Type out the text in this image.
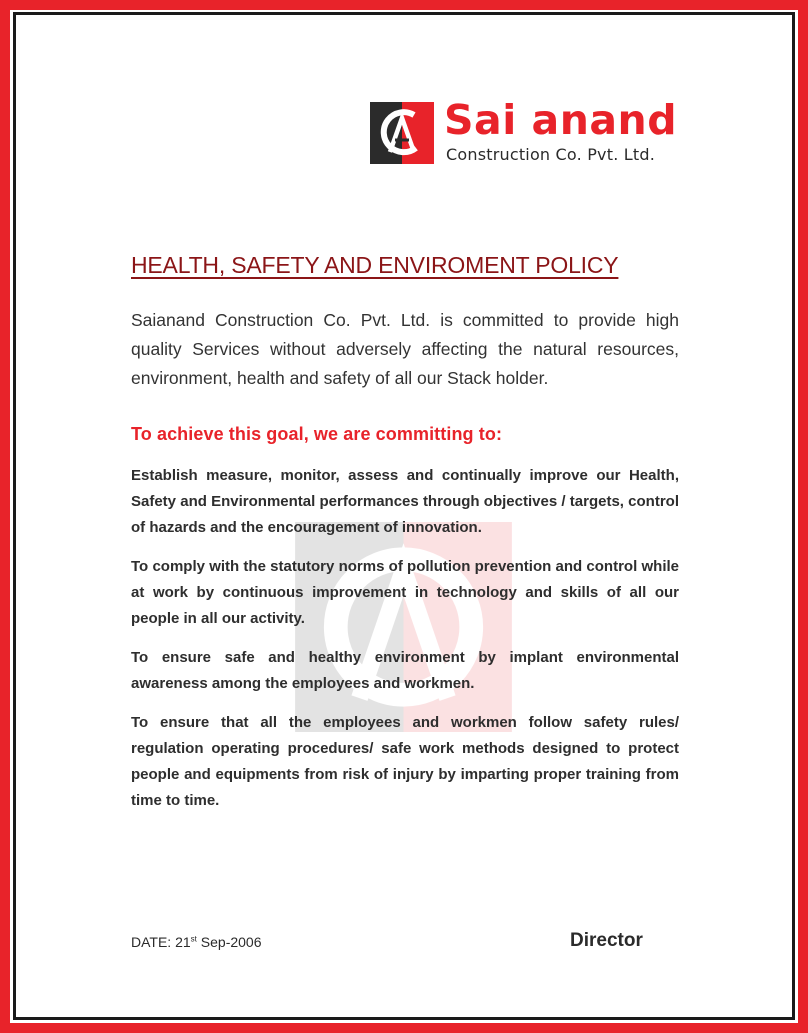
Sai anand
Construction Co. Pvt. Ltd.
HEALTH, SAFETY AND ENVIROMENT POLICY

Saianand Construction Co. Pvt. Ltd. is committed to provide high quality Services without adversely affecting the natural resources, environment, health and safety of all our Stack holder.

To achieve this goal, we are committing to:
Establish measure, monitor, assess and continually improve our Health, Safety and Environmental performances through objectives / targets, control of hazards and the encouragement of innovation.
To comply with the statutory norms of pollution prevention and control while at work by continuous improvement in technology and skills of all our people in all our activity.
To ensure safe and healthy environment by implant environmental awareness among the employees and workmen.
To ensure that all the employees and workmen follow safety rules/ regulation operating procedures/ safe work methods designed to protect people and equipments from risk of injury by imparting proper training from time to time.
DATE: 21st Sep-2006	Director
